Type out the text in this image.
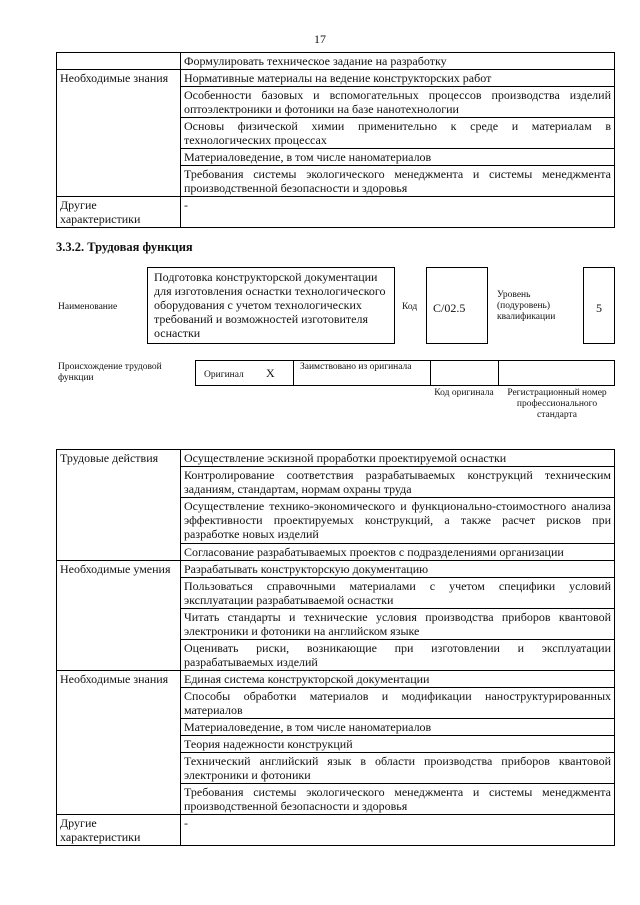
17
	Формулировать техническое задание на разработку
Необходимые знания	Нормативные материалы на ведение конструкторских работ
	Особенности базовых и вспомогательных процессов производства изделий оптоэлектроники и фотоники на базе нанотехнологии
	Основы физической химии применительно к среде и материалам в технологических процессах
	Материаловедение, в том числе наноматериалов
	Требования системы экологического менеджмента и системы менеджмента производственной безопасности и здоровья
Другие характеристики	-
3.3.2. Трудовая функция
Наименование
Подготовка конструкторской документации для изготовления оснастки технологического оборудования с учетом технологических требований и возможностей изготовителя оснастки
Код С/02.5
Уровень (подуровень) квалификации
5
Происхождение трудовой функции	Оригинал X	Заимствовано из оригинала
Код оригинала Регистрационный номер профессионального стандарта
Трудовые действия	Осуществление эскизной проработки проектируемой оснастки
	Контролирование соответствия разрабатываемых конструкций техническим заданиям, стандартам, нормам охраны труда
	Осуществление технико-экономического и функционально-стоимостного анализа эффективности проектируемых конструкций, а также расчет рисков при разработке новых изделий
	Согласование разрабатываемых проектов с подразделениями организации
Необходимые умения	Разрабатывать конструкторскую документацию
	Пользоваться справочными материалами с учетом специфики условий эксплуатации разрабатываемой оснастки
	Читать стандарты и технические условия производства приборов квантовой электроники и фотоники на английском языке
	Оценивать риски, возникающие при изготовлении и эксплуатации разрабатываемых изделий
Необходимые знания	Единая система конструкторской документации
	Способы обработки материалов и модификации наноструктурированных материалов
	Материаловедение, в том числе наноматериалов
	Теория надежности конструкций
	Технический английский язык в области производства приборов квантовой электроники и фотоники
	Требования системы экологического менеджмента и системы менеджмента производственной безопасности и здоровья
Другие характеристики	-
